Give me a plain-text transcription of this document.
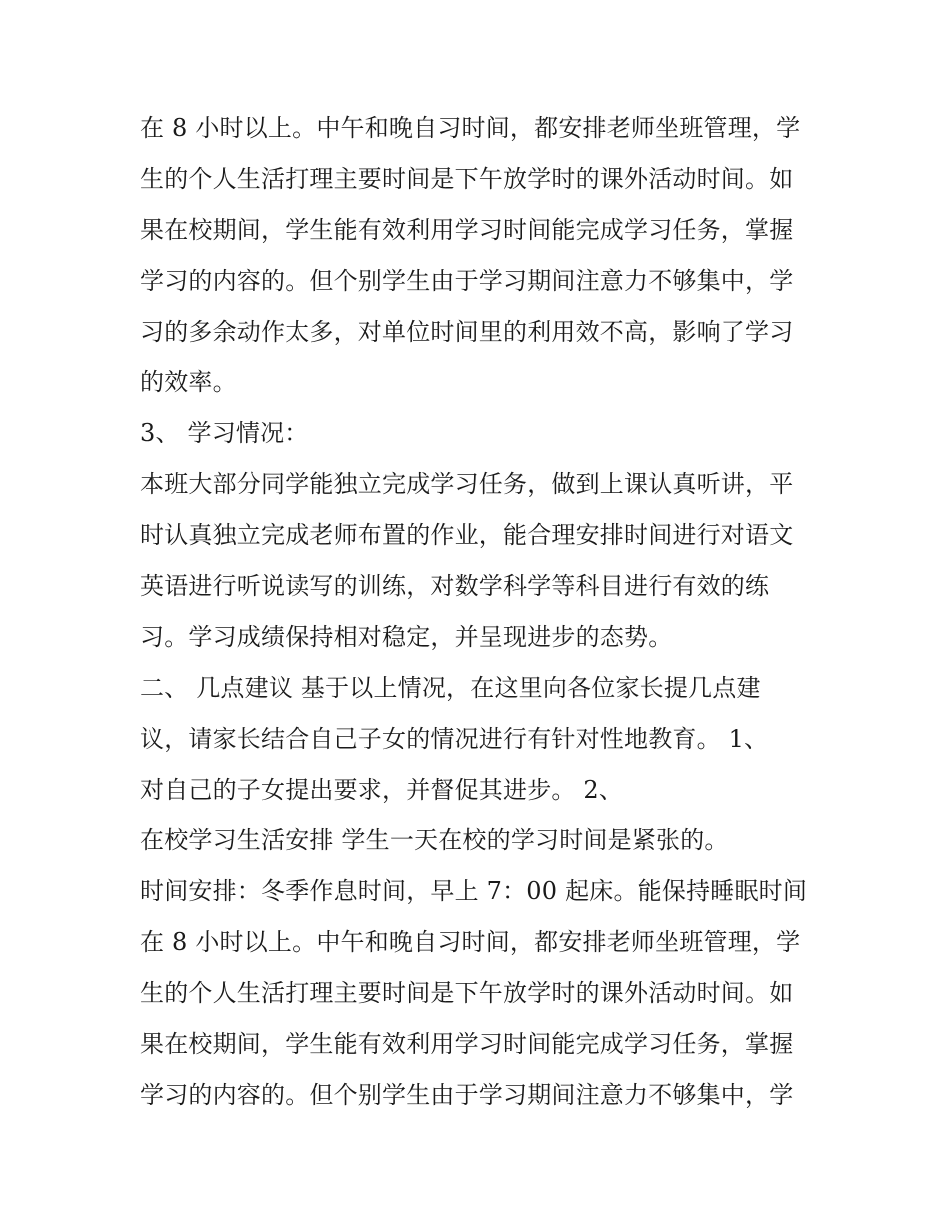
在 8 小时以上。中午和晚自习时间，都安排老师坐班管理，学
生的个人生活打理主要时间是下午放学时的课外活动时间。如
果在校期间，学生能有效利用学习时间能完成学习任务，掌握
学习的内容的。但个别学生由于学习期间注意力不够集中，学
习的多余动作太多，对单位时间里的利用效不高，影响了学习
的效率。
3、 学习情况：
本班大部分同学能独立完成学习任务，做到上课认真听讲，平
时认真独立完成老师布置的作业，能合理安排时间进行对语文
英语进行听说读写的训练，对数学科学等科目进行有效的练
习。学习成绩保持相对稳定，并呈现进步的态势。
二、 几点建议 基于以上情况，在这里向各位家长提几点建
议，请家长结合自己子女的情况进行有针对性地教育。 1、
对自己的子女提出要求，并督促其进步。 2、
在校学习生活安排 学生一天在校的学习时间是紧张的。
时间安排：冬季作息时间，早上 7：00 起床。能保持睡眠时间
在 8 小时以上。中午和晚自习时间，都安排老师坐班管理，学
生的个人生活打理主要时间是下午放学时的课外活动时间。如
果在校期间，学生能有效利用学习时间能完成学习任务，掌握
学习的内容的。但个别学生由于学习期间注意力不够集中，学
